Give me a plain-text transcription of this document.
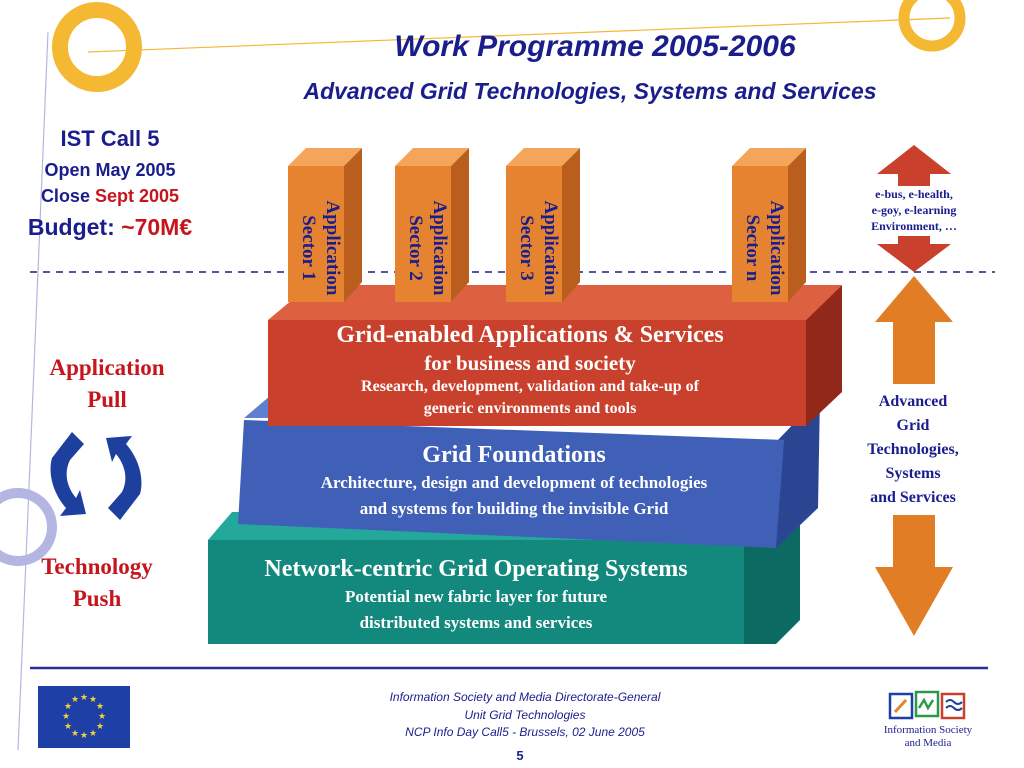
Work Programme 2005-2006
Advanced Grid Technologies, Systems and Services
IST Call 5
Open May 2005
Close Sept 2005
Budget: ~70M€
Application
Pull
Technology
Push
Application
Sector 1	Application
Sector 2	Application
Sector 3	Application
Sector n
Grid-enabled Applications & Services
for business and society
Research, development, validation and take-up of
generic environments and tools
Grid Foundations
Architecture, design and development of technologies
and systems for building the invisible Grid
Network-centric Grid Operating Systems
Potential new fabric layer for future
distributed systems and services
e-bus, e-health,
e-goy, e-learning
Environment, …
Advanced
Grid
Technologies,
Systems
and Services
★ ★
★
★
★
★
★
★
★
★
★
★	Information Society and Media Directorate-General
Unit Grid Technologies
NCP Info Day Call5 - Brussels, 02 June 2005
5
Information Society
and Media
